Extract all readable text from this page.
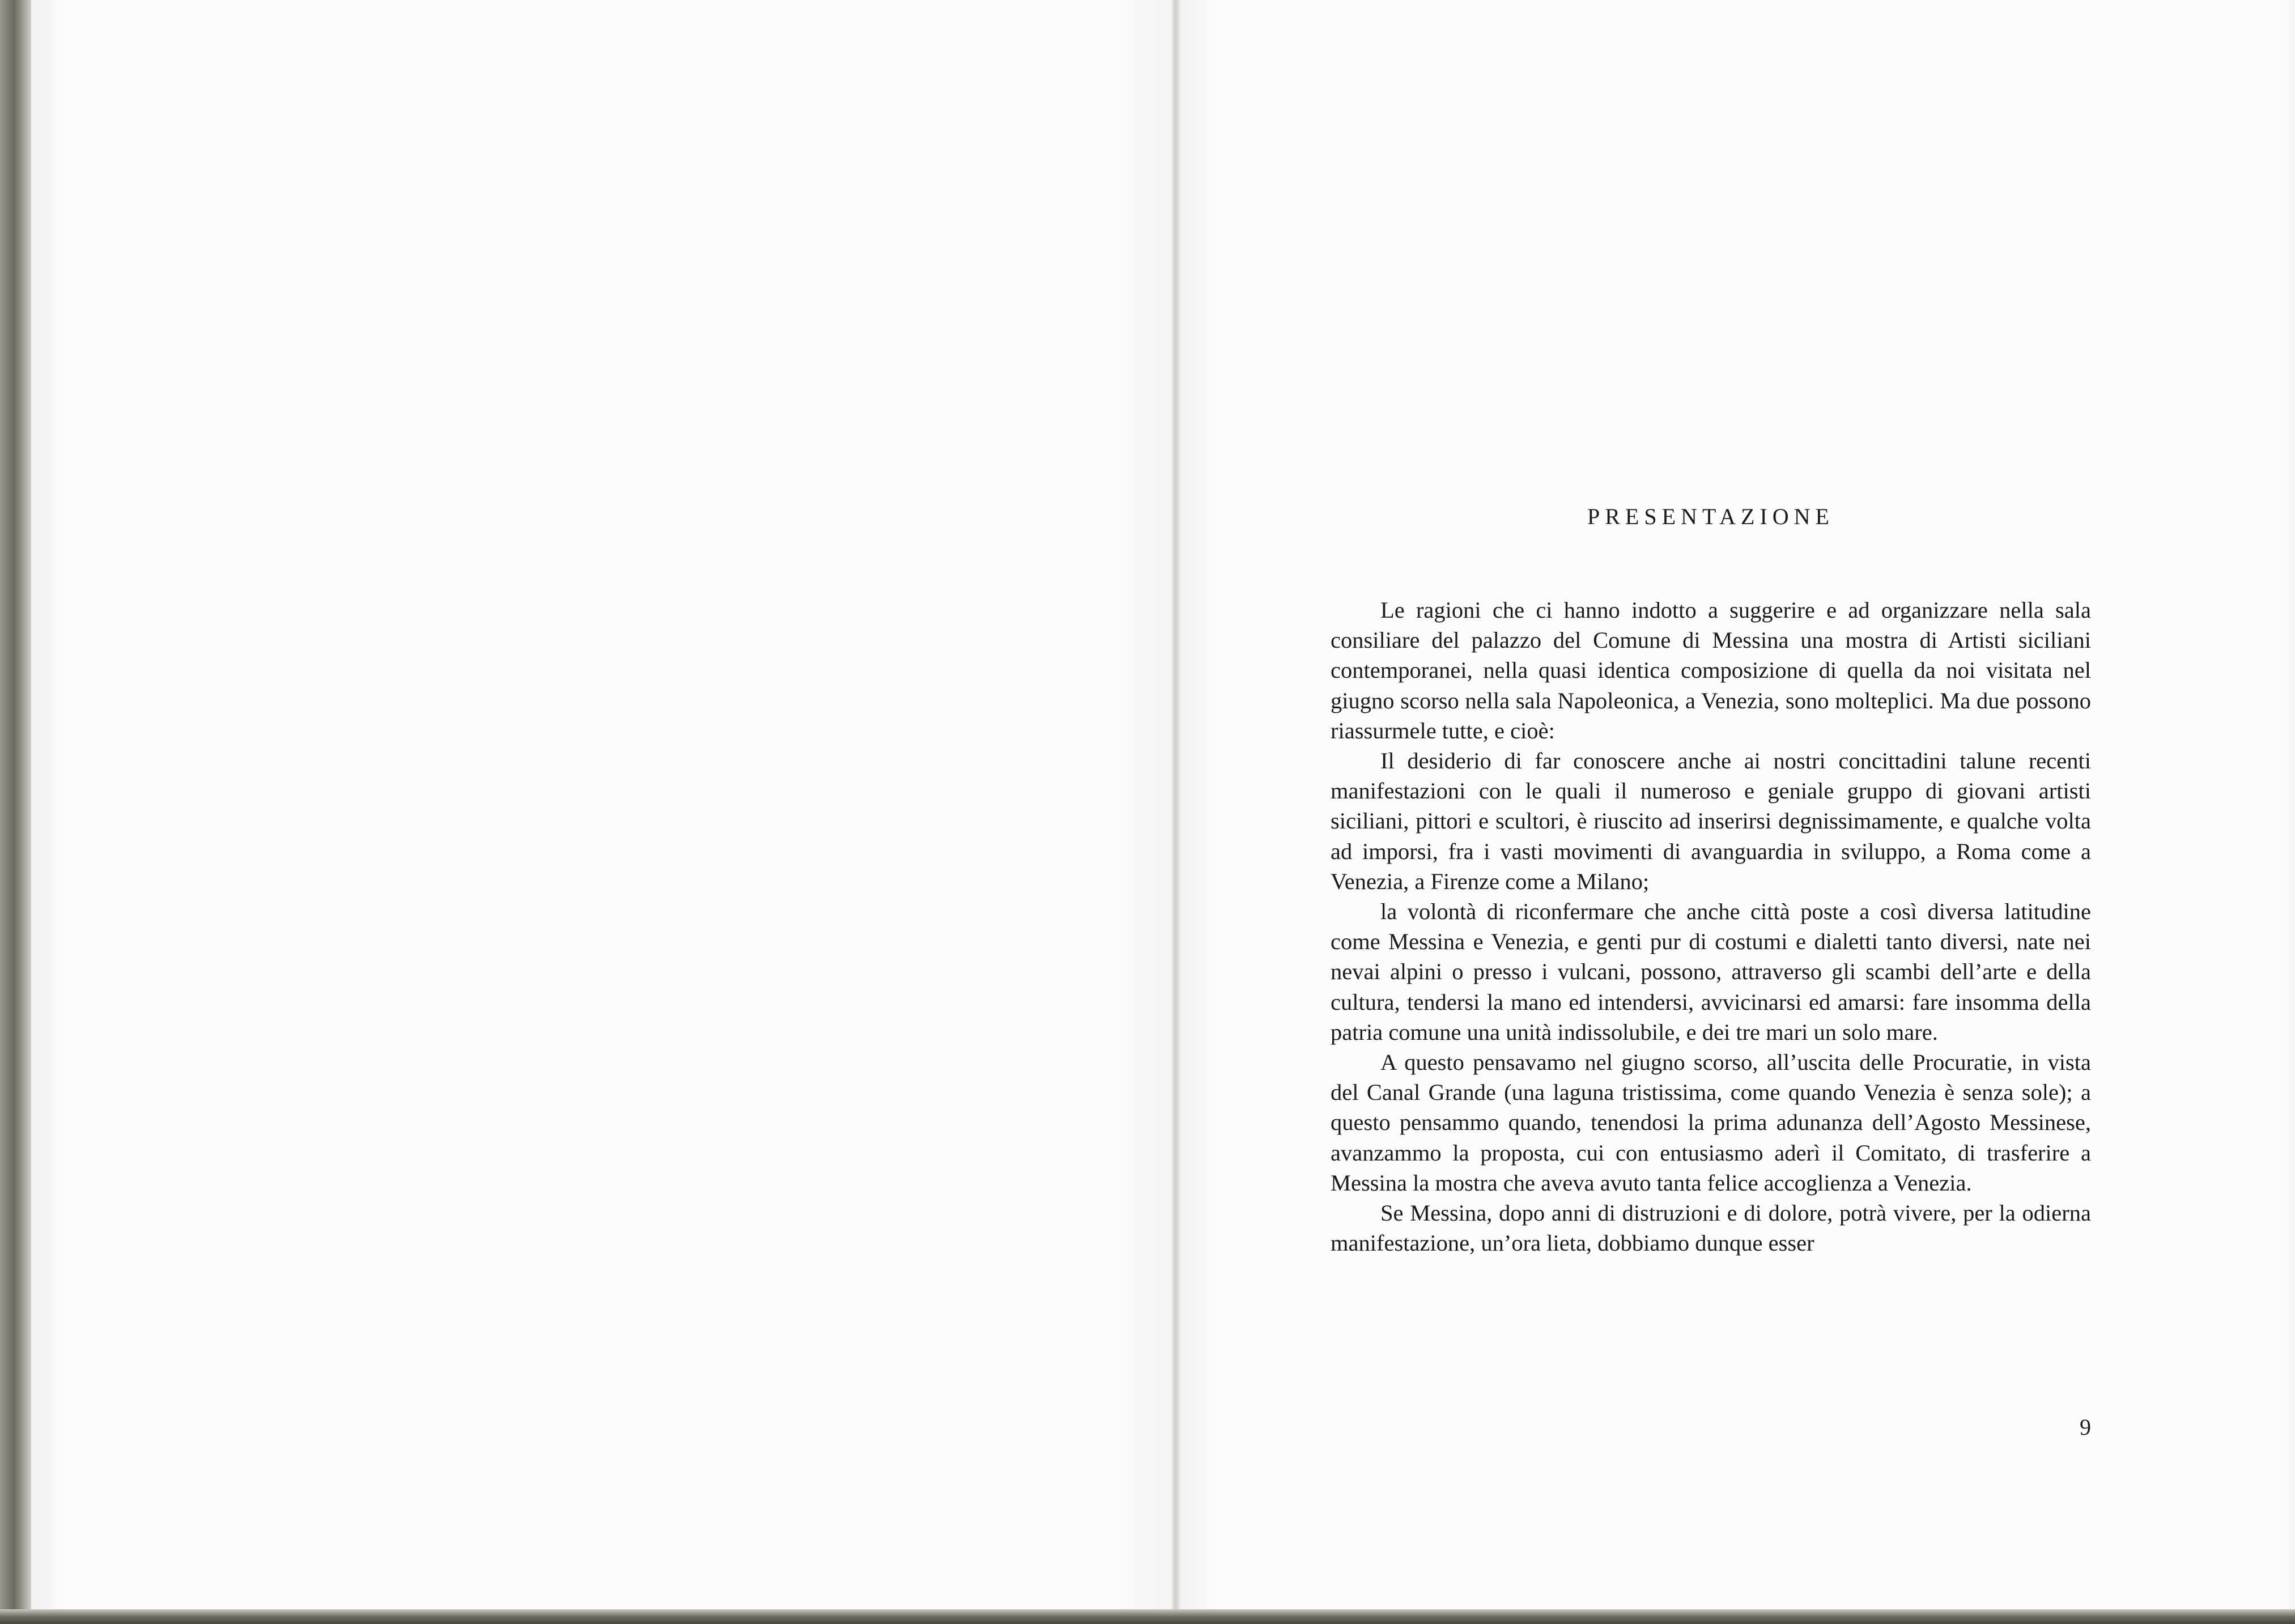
PRESENTAZIONE

Le ragioni che ci hanno indotto a suggerire e ad organizzare nella sala consiliare del palazzo del Comune di Messina una mostra di Artisti siciliani contemporanei, nella quasi identica composizione di quella da noi visitata nel giugno scorso nella sala Napoleonica, a Venezia, sono molteplici. Ma due possono riassurmele tutte, e cioè:

Il desiderio di far conoscere anche ai nostri concittadini talune recenti manifestazioni con le quali il numeroso e geniale gruppo di giovani artisti siciliani, pittori e scultori, è riuscito ad inserirsi degnissimamente, e qualche volta ad imporsi, fra i vasti movimenti di avanguardia in sviluppo, a Roma come a Venezia, a Firenze come a Milano;

la volontà di riconfermare che anche città poste a così diversa latitudine come Messina e Venezia, e genti pur di costumi e dialetti tanto diversi, nate nei nevai alpini o presso i vulcani, possono, attraverso gli scambi dell’arte e della cultura, tendersi la mano ed intendersi, avvicinarsi ed amarsi: fare insomma della patria comune una unità indissolubile, e dei tre mari un solo mare.

A questo pensavamo nel giugno scorso, all’uscita delle Procuratie, in vista del Canal Grande (una laguna tristissima, come quando Venezia è senza sole); a questo pensammo quando, tenendosi la prima adunanza dell’Agosto Messinese, avanzammo la proposta, cui con entusiasmo aderì il Comitato, di trasferire a Messina la mostra che aveva avuto tanta felice accoglienza a Venezia.

Se Messina, dopo anni di distruzioni e di dolore, potrà vivere, per la odierna manifestazione, un’ora lieta, dobbiamo dunque esser

9
